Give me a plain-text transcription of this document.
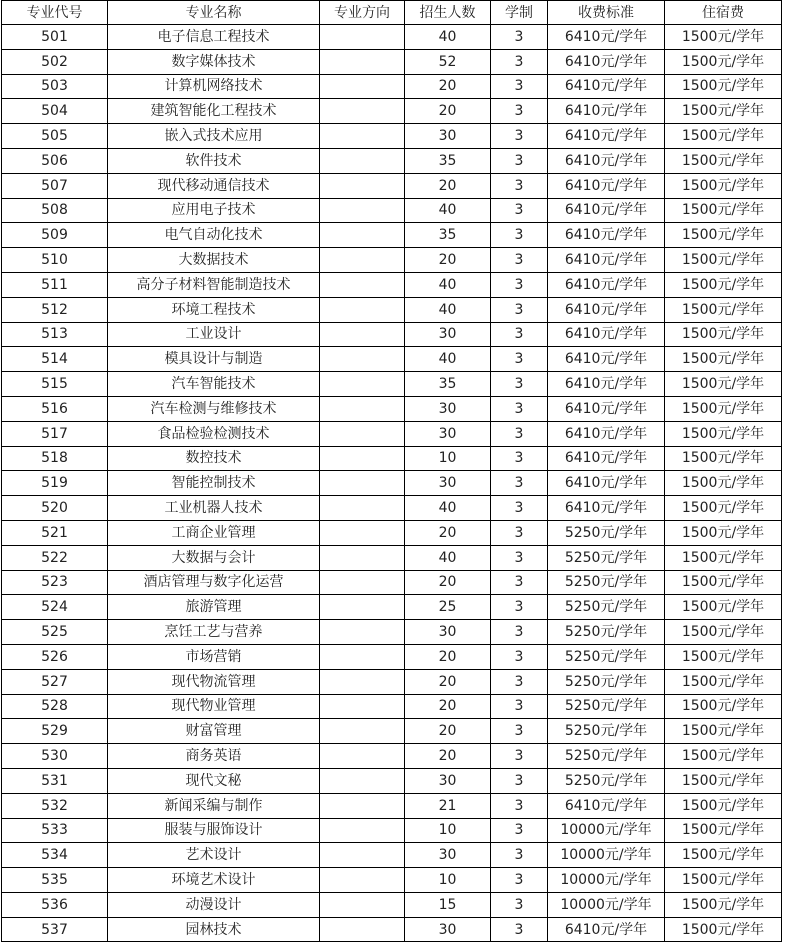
专业代号	专业名称	专业方向	招生人数	学制	收费标准	住宿费
501	电子信息工程技术		40	3	6410元/学年	1500元/学年
502	数字媒体技术		52	3	6410元/学年	1500元/学年
503	计算机网络技术		20	3	6410元/学年	1500元/学年
504	建筑智能化工程技术		20	3	6410元/学年	1500元/学年
505	嵌入式技术应用		30	3	6410元/学年	1500元/学年
506	软件技术		35	3	6410元/学年	1500元/学年
507	现代移动通信技术		20	3	6410元/学年	1500元/学年
508	应用电子技术		40	3	6410元/学年	1500元/学年
509	电气自动化技术		35	3	6410元/学年	1500元/学年
510	大数据技术		20	3	6410元/学年	1500元/学年
511	高分子材料智能制造技术		40	3	6410元/学年	1500元/学年
512	环境工程技术		40	3	6410元/学年	1500元/学年
513	工业设计		30	3	6410元/学年	1500元/学年
514	模具设计与制造		40	3	6410元/学年	1500元/学年
515	汽车智能技术		35	3	6410元/学年	1500元/学年
516	汽车检测与维修技术		30	3	6410元/学年	1500元/学年
517	食品检验检测技术		30	3	6410元/学年	1500元/学年
518	数控技术		10	3	6410元/学年	1500元/学年
519	智能控制技术		30	3	6410元/学年	1500元/学年
520	工业机器人技术		40	3	6410元/学年	1500元/学年
521	工商企业管理		20	3	5250元/学年	1500元/学年
522	大数据与会计		40	3	5250元/学年	1500元/学年
523	酒店管理与数字化运营		20	3	5250元/学年	1500元/学年
524	旅游管理		25	3	5250元/学年	1500元/学年
525	烹饪工艺与营养		30	3	5250元/学年	1500元/学年
526	市场营销		20	3	5250元/学年	1500元/学年
527	现代物流管理		20	3	5250元/学年	1500元/学年
528	现代物业管理		20	3	5250元/学年	1500元/学年
529	财富管理		20	3	5250元/学年	1500元/学年
530	商务英语		20	3	5250元/学年	1500元/学年
531	现代文秘		30	3	5250元/学年	1500元/学年
532	新闻采编与制作		21	3	6410元/学年	1500元/学年
533	服装与服饰设计		10	3	10000元/学年	1500元/学年
534	艺术设计		30	3	10000元/学年	1500元/学年
535	环境艺术设计		10	3	10000元/学年	1500元/学年
536	动漫设计		15	3	10000元/学年	1500元/学年
537	园林技术		30	3	6410元/学年	1500元/学年
